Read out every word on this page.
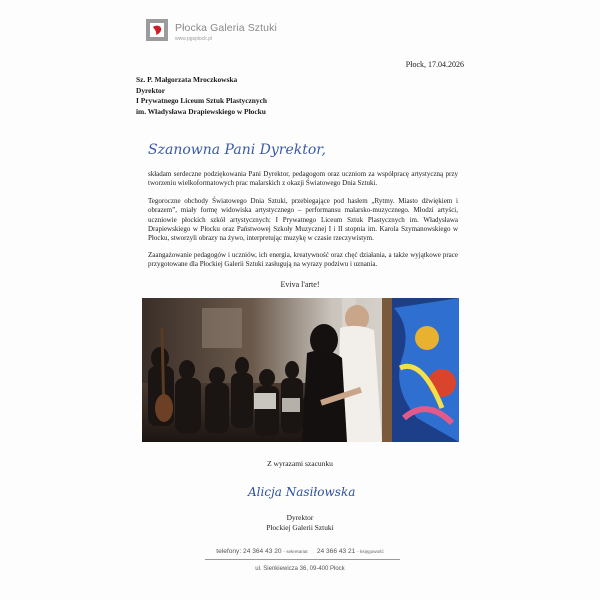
Płocka Galeria Sztuki
www.pgsplock.pl
Płock, 17.04.2026
Sz. P. Małgorzata Mroczkowska
Dyrektor
I Prywatnego Liceum Sztuk Plastycznych
im. Władysława Drapiewskiego w Płocku
Szanowna Pani Dyrektor,
składam serdeczne podziękowania Pani Dyrektor, pedagogom oraz uczniom za współpracę artystyczną przy tworzeniu wielkoformatowych prac malarskich z okazji Światowego Dnia Sztuki.
Tegoroczne obchody Światowego Dnia Sztuki, przebiegające pod hasłem „Rytmy. Miasto dźwiękiem i obrazem”, miały formę widowiska artystycznego – performansu malarsko-muzycznego. Młodzi artyści, uczniowie płockich szkół artystycznych: I Prywatnego Liceum Sztuk Plastycznych im. Władysława Drapiewskiego w Płocku oraz Państwowej Szkoły Muzycznej I i II stopnia im. Karola Szymanowskiego w Płocku, stworzyli obrazy na żywo, interpretując muzykę w czasie rzeczywistym.
Zaangażowanie pedagogów i uczniów, ich energia, kreatywność oraz chęć działania, a także wyjątkowe prace przygotowane dla Płockiej Galerii Sztuki zasługują na wyrazy podziwu i uznania.
Eviva l'arte!
Z wyrazami szacunku
Alicja Nasiłowska
Dyrektor
Płockiej Galerii Sztuki
telefony: 24 364 43 20 - sekretariat 24 366 43 21 - księgowość
ul. Sienkiewicza 36, 09-400 Płock
